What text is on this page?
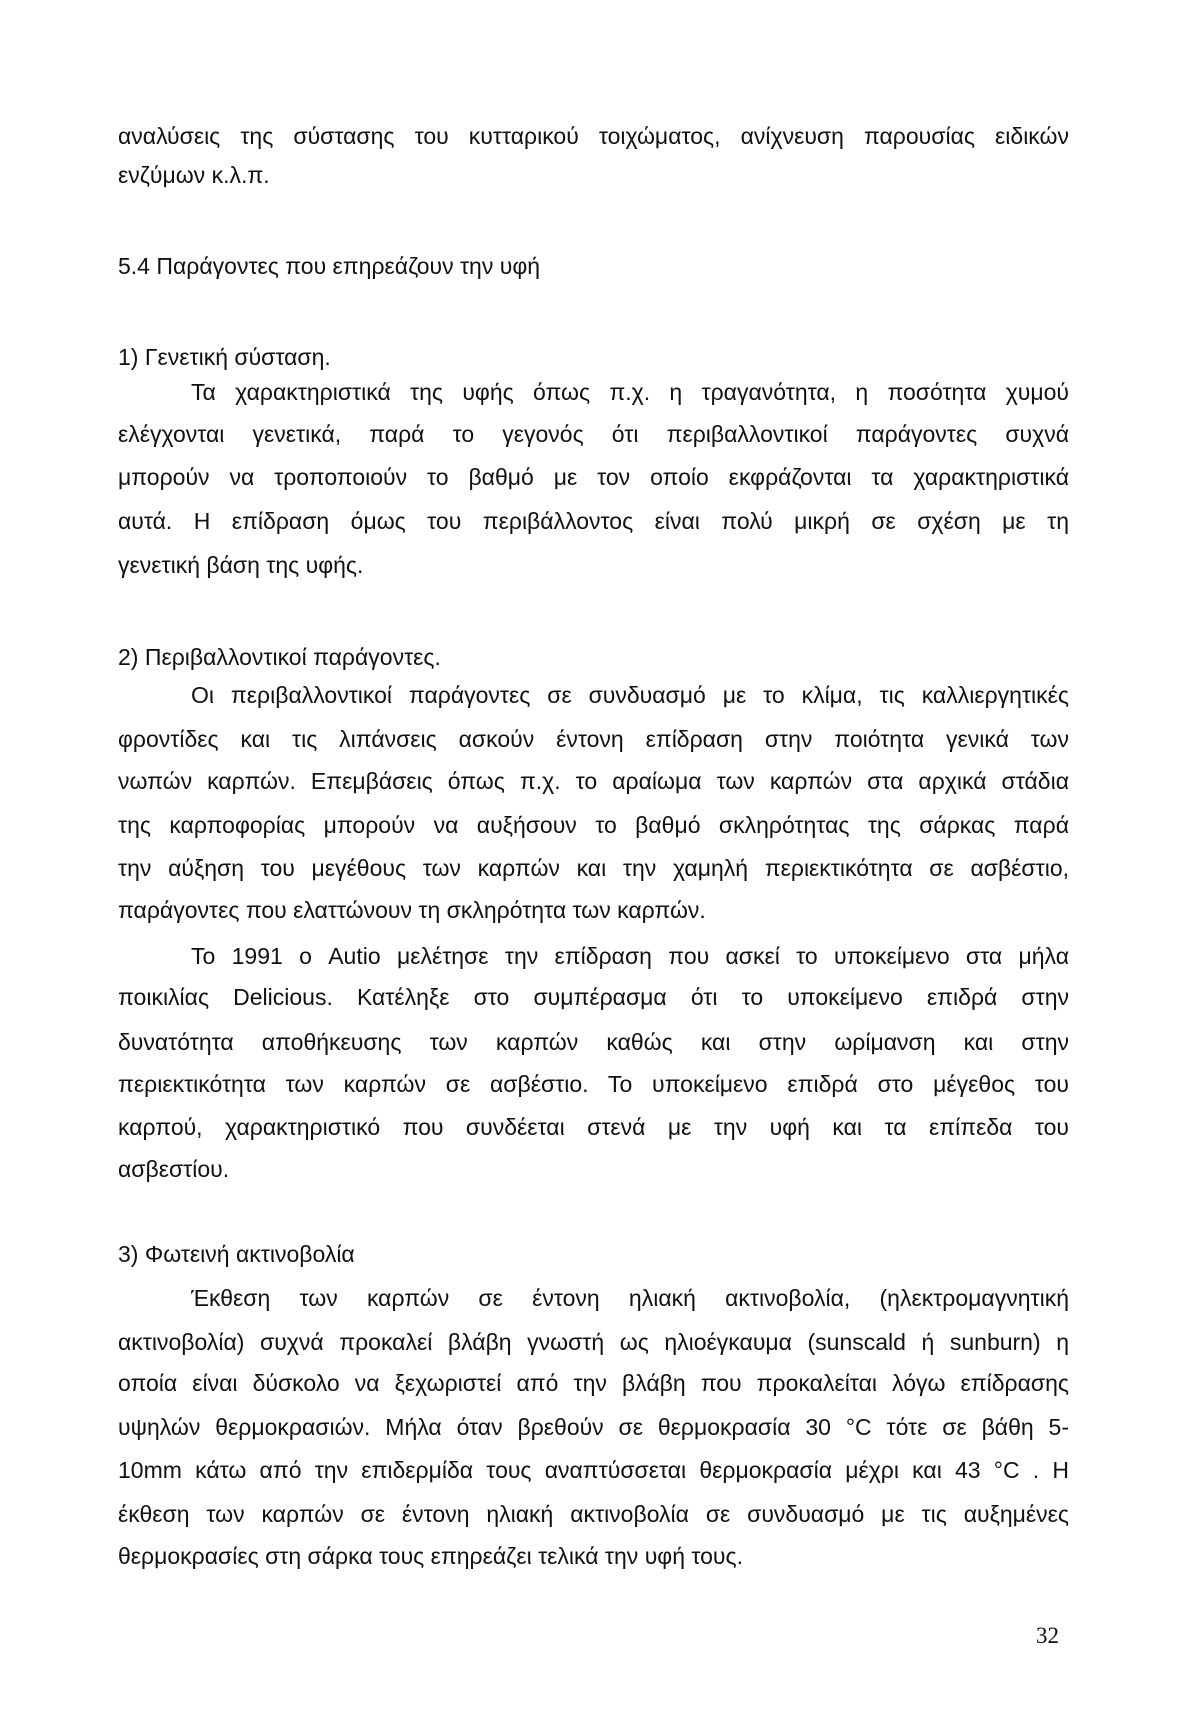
αναλύσεις της σύστασης του κυτταρικού τοιχώματος, ανίχνευση παρουσίας ειδικών
ενζύμων κ.λ.π.
5.4 Παράγοντες που επηρεάζουν την υφή
1) Γενετική σύσταση.
Τα χαρακτηριστικά της υφής όπως π.χ. η τραγανότητα, η ποσότητα χυμού
ελέγχονται γενετικά, παρά το γεγονός ότι περιβαλλοντικοί παράγοντες συχνά
μπορούν να τροποποιούν το βαθμό με τον οποίο εκφράζονται τα χαρακτηριστικά
αυτά. Η επίδραση όμως του περιβάλλοντος είναι πολύ μικρή σε σχέση με τη
γενετική βάση της υφής.
2) Περιβαλλοντικοί παράγοντες.
Οι περιβαλλοντικοί παράγοντες σε συνδυασμό με το κλίμα, τις καλλιεργητικές
φροντίδες και τις λιπάνσεις ασκούν έντονη επίδραση στην ποιότητα γενικά των
νωπών καρπών. Επεμβάσεις όπως π.χ. το αραίωμα των καρπών στα αρχικά στάδια
της καρποφορίας μπορούν να αυξήσουν το βαθμό σκληρότητας της σάρκας παρά
την αύξηση του μεγέθους των καρπών και την χαμηλή περιεκτικότητα σε ασβέστιο,
παράγοντες που ελαττώνουν τη σκληρότητα των καρπών.
Το 1991 ο Autio μελέτησε την επίδραση που ασκεί το υποκείμενο στα μήλα
ποικιλίας Delicious. Κατέληξε στο συμπέρασμα ότι το υποκείμενο επιδρά στην
δυνατότητα αποθήκευσης των καρπών καθώς και στην ωρίμανση και στην
περιεκτικότητα των καρπών σε ασβέστιο. Το υποκείμενο επιδρά στο μέγεθος του
καρπού, χαρακτηριστικό που συνδέεται στενά με την υφή και τα επίπεδα του
ασβεστίου.
3) Φωτεινή ακτινοβολία
Έκθεση των καρπών σε έντονη ηλιακή ακτινοβολία, (ηλεκτρομαγνητική
ακτινοβολία) συχνά προκαλεί βλάβη γνωστή ως ηλιοέγκαυμα (sunscald ή sunburn) η
οποία είναι δύσκολο να ξεχωριστεί από την βλάβη που προκαλείται λόγω επίδρασης
υψηλών θερμοκρασιών. Μήλα όταν βρεθούν σε θερμοκρασία 30 °C τότε σε βάθη 5-
10mm κάτω από την επιδερμίδα τους αναπτύσσεται θερμοκρασία μέχρι και 43 °C . Η
έκθεση των καρπών σε έντονη ηλιακή ακτινοβολία σε συνδυασμό με τις αυξημένες
θερμοκρασίες στη σάρκα τους επηρεάζει τελικά την υφή τους.
32
